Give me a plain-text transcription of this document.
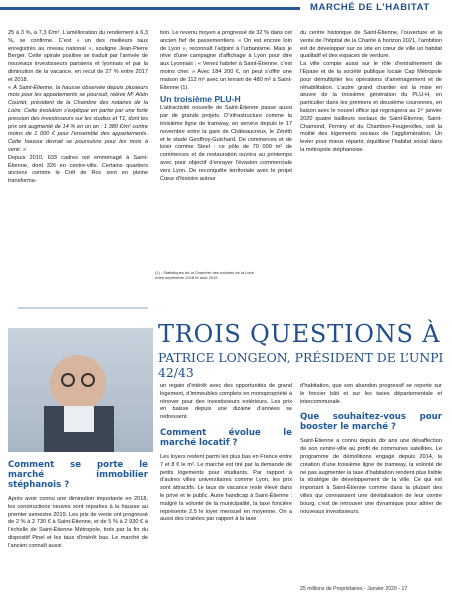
MARCHÉ DE L’HABITAT

25 à 3 %, à 7,3 €/m². L’amélioration du rendement à 6,3 %, se confirme. C’est « un des meilleurs taux enregistrés au niveau national », souligne Jean-Pierre Berger. Cette spirale positive se traduit par l’arrivée de nouveaux investisseurs parisiens et lyonnais et par la diminution de la vacance, en recul de 27 % entre 2017 et 2018.

« À Saint-Étienne, la hausse observée depuis plusieurs mois pour les appartements se poursuit, relève Mᵉ Alain Courtet, président de la Chambre des notaires de la Loire. Cette évolution s’explique en partie par une forte pression des investisseurs sur les studios et T1, dont les prix ont augmenté de 14 % en un an : 1 380 €/m² contre moins de 1 000 € pour l’ensemble des appartements. Cette hausse devrait se poursuivre pour les mois à venir. »

Depuis 2010, 633 cadres ont emménagé à Saint-Étienne, dont 326 en centre-ville. Certains quartiers anciens comme le Crêt de Roc sont en pleine transforma-

tion. Le revenu moyen a progressé de 32 % dans cet ancien fief de passementiers. « On est encore loin de Lyon », reconnaît l’adjoint à l’urbanisme. Mais je rêve d’une campagne d’affichage à Lyon pour dire aux Lyonnais : « Venez habiter à Saint-Étienne, c’est moins cher. » Avec 184 200 €, on peut s’offrir une maison de 112 m² avec un terrain de 480 m² à Saint-Étienne (1).

Un troisième PLU-H

L’attractivité nouvelle de Saint-Étienne passe aussi par de grands projets. D’infrastructure comme la troisième ligne de tramway, en service depuis le 17 novembre entre la gare de Châteaucreux, le Zénith et le stade Geoffroy-Guichard. De commerces et de loisir comme Steel : ce pôle de 70 000 m² de commerces et de restauration ouvrira au printemps avec pour objectif d’enrayer l’évasion commerciale vers Lyon. De reconquête territoriale avec le projet Cœur d’histoire autour

du centre historique de Saint-Étienne, l’ouverture et la vente de l’hôpital de la Charité à horizon 2021, l’ambition est de développer sur ce site en cœur de ville un habitat qualitatif et des espaces de verdure.

La ville compte aussi sur le rôle d’entraînement de l’Epase et de la société publique locale Cap Métropole pour démultiplier les opérations d’aménagement et de réhabilitation. L’autre grand chantier est la mise en œuvre de la troisième génération du PLU-H, en particulier dans les premiers et deuxième couronnes, en liaison avec le nouvel office qui regroupera au 1ᵉʳ janvier 2020 quatre bailleurs sociaux de Saint-Étienne, Saint-Chamond, Firminy et du Chambon-Feugerolles, soit la moitié des logements sociaux de l’agglomération. Un levier pour mieux répartir, équilibrer l’habitat social dans la métropole stéphanoise.

(1) : Statistiques de la Chambre des notaires de la Loire entre septembre 2018 et août 2019.
TROIS QUESTIONS À
PATRICE LONGEON, PRÉSIDENT DE L’UNPI 42/43
Comment se porte le marché immobilier stéphanois ?

Après avoir connu une diminution importante en 2018, les constructions neuves sont reparties à la hausse au premier semestre 2019. Les prix de vente ont progressé de 2 % à 2 730 € à Saint-Étienne, et de 5 % à 2 930 € à l’échelle de Saint-Étienne Métropole, tirés par la fin du dispositif Pinel et les taux d’intérêt bas. Le marché de l’ancien connaît aussi

un regain d’intérêt avec des opportunités de grand logement, d’immeubles complets en monopropriété à rénover pour des investisseurs extérieurs. Les prix en baisse depuis une dizaine d’années se redressent.

Comment évolue le marché locatif ?

Les loyers restent parmi les plus bas en France entre 7 et 8 € le m². Le marché est tiré par la demande de petits logements pour étudiants. Par rapport à d’autres villes universitaires comme Lyon, les prix sont attractifs. Le taux de vacance reste élevé dans le privé et le public. Autre handicap à Saint-Étienne : malgré la volonté de la municipalité, la taxe foncière représente 2,5 le loyer mensuel en moyenne. On a aussi des craintes par rapport à la taxe

d’habitation, que son abandon progressif se reporte sur le foncier bâti et sur les taxes départementale et intercommunale.

Que souhaitez-vous pour booster le marché ?

Saint-Étienne a connu depuis dix ans une désaffection de son centre-ville au profit de communes satellites. Le programme de démolitions engagé depuis 2014, la création d’une troisième ligne de tramway, la volonté de ne pas augmenter la taxe d’habitation rendent plus lisible la stratégie de développement de la ville. Ce qui est important à Saint-Étienne comme dans la plupart des villes qui connaissent une dévitalisation de leur centre bourg, c’est de retrouver une dynamique pour attirer de nouveaux investisseurs.

25 millions de Propriétaires - Janvier 2020 - 17
